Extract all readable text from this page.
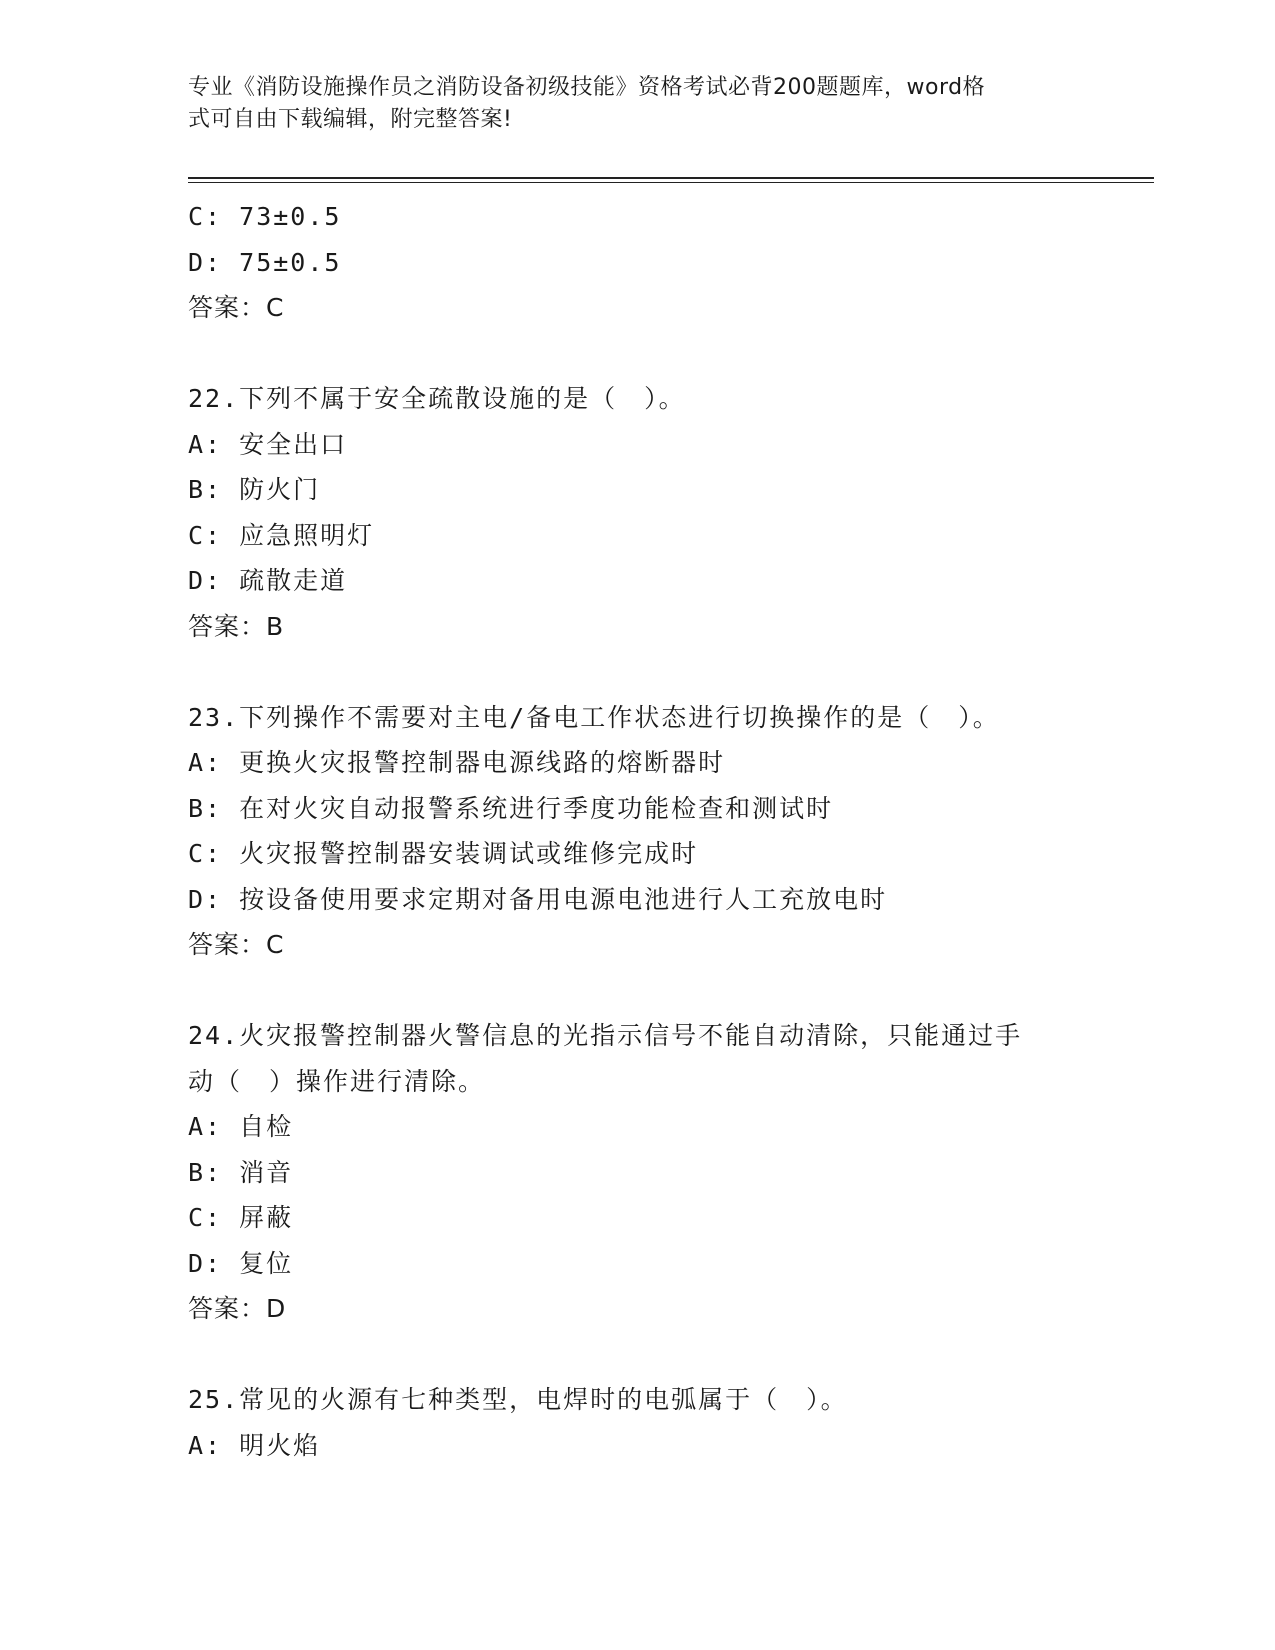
专业《消防设施操作员之消防设备初级技能》资格考试必背200题题库，word格
式可自由下载编辑，附完整答案!
C: 73±0.5
D: 75±0.5
答案：C
22.下列不属于安全疏散设施的是（　）。
A: 安全出口
B: 防火门
C: 应急照明灯
D: 疏散走道
答案：B
23.下列操作不需要对主电/备电工作状态进行切换操作的是（　）。
A: 更换火灾报警控制器电源线路的熔断器时
B: 在对火灾自动报警系统进行季度功能检查和测试时
C: 火灾报警控制器安装调试或维修完成时
D: 按设备使用要求定期对备用电源电池进行人工充放电时
答案：C
24.火灾报警控制器火警信息的光指示信号不能自动清除，只能通过手
动（　）操作进行清除。
A: 自检
B: 消音
C: 屏蔽
D: 复位
答案：D
25.常见的火源有七种类型，电焊时的电弧属于（　）。
A: 明火焰
